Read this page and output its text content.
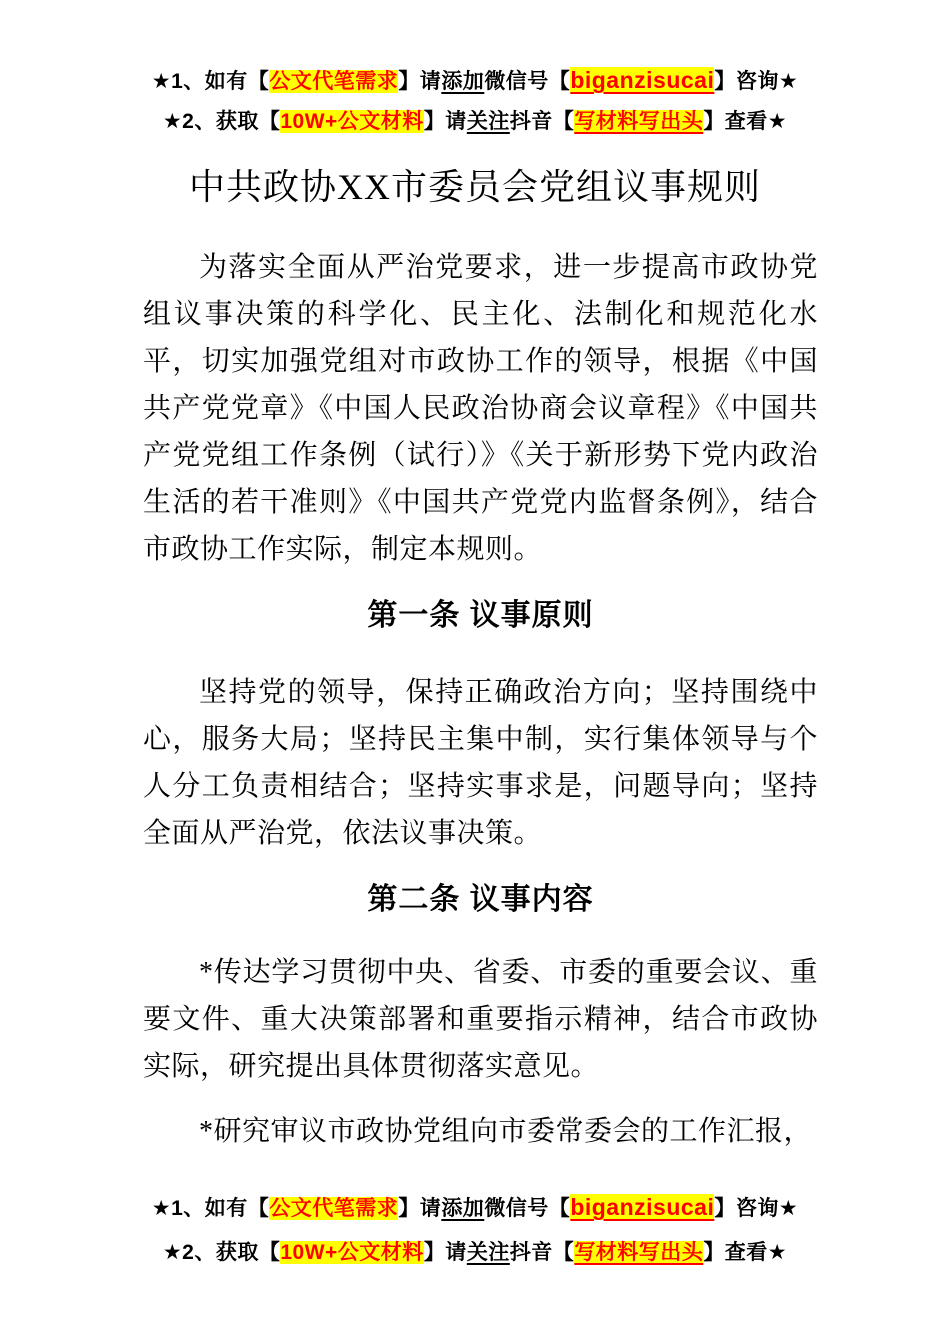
★1、如有【公文代笔需求】请添加微信号【biganzisucai】咨询★
★2、获取【10W+公文材料】请关注抖音【写材料写出头】查看★
中共政协XX市委员会党组议事规则

为落实全面从严治党要求，进一步提高市政协党组议事决策的科学化、民主化、法制化和规范化水平，切实加强党组对市政协工作的领导，根据《中国共产党党章》《中国人民政治协商会议章程》《中国共产党党组工作条例（试行）》《关于新形势下党内政治生活的若干准则》《中国共产党党内监督条例》，结合市政协工作实际，制定本规则。

第一条 议事原则

坚持党的领导，保持正确政治方向；坚持围绕中心，服务大局；坚持民主集中制，实行集体领导与个人分工负责相结合；坚持实事求是，问题导向；坚持全面从严治党，依法议事决策。

第二条 议事内容

*传达学习贯彻中央、省委、市委的重要会议、重要文件、重大决策部署和重要指示精神，结合市政协实际，研究提出具体贯彻落实意见。

*研究审议市政协党组向市委常委会的工作汇报，

★1、如有【公文代笔需求】请添加微信号【biganzisucai】咨询★
★2、获取【10W+公文材料】请关注抖音【写材料写出头】查看★
